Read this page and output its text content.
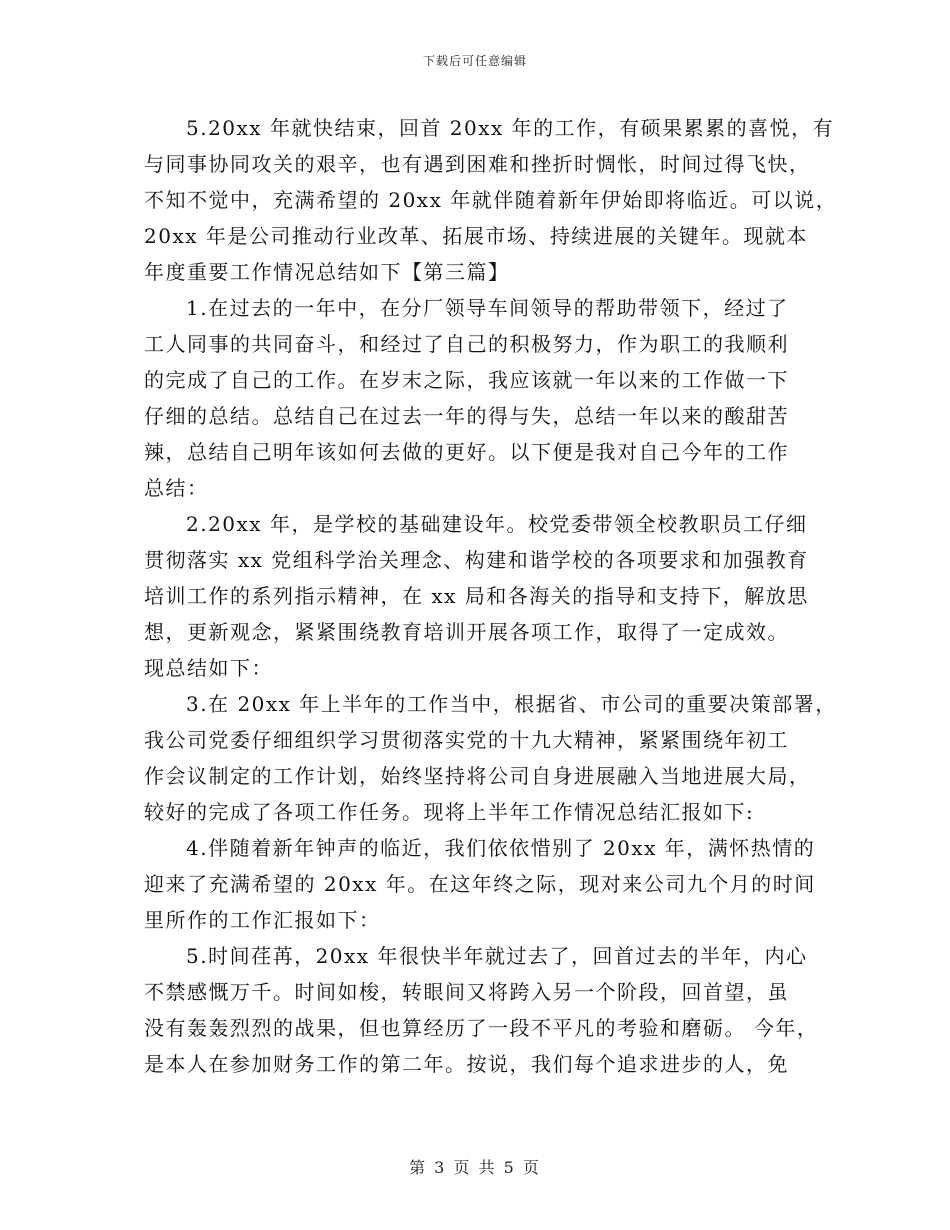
下载后可任意编辑
5.20xx 年就快结束，回首 20xx 年的工作，有硕果累累的喜悦，有
与同事协同攻关的艰辛，也有遇到困难和挫折时惆怅，时间过得飞快，
不知不觉中，充满希望的 20xx 年就伴随着新年伊始即将临近。可以说，
20xx 年是公司推动行业改革、拓展市场、持续进展的关键年。现就本
年度重要工作情况总结如下【第三篇】
1.在过去的一年中，在分厂领导车间领导的帮助带领下，经过了
工人同事的共同奋斗，和经过了自己的积极努力，作为职工的我顺利
的完成了自己的工作。在岁末之际，我应该就一年以来的工作做一下
仔细的总结。总结自己在过去一年的得与失，总结一年以来的酸甜苦
辣，总结自己明年该如何去做的更好。以下便是我对自己今年的工作
总结：
2.20xx 年，是学校的基础建设年。校党委带领全校教职员工仔细
贯彻落实 xx 党组科学治关理念、构建和谐学校的各项要求和加强教育
培训工作的系列指示精神，在 xx 局和各海关的指导和支持下，解放思
想，更新观念，紧紧围绕教育培训开展各项工作，取得了一定成效。
现总结如下：
3.在 20xx 年上半年的工作当中，根据省、市公司的重要决策部署，
我公司党委仔细组织学习贯彻落实党的十九大精神，紧紧围绕年初工
作会议制定的工作计划，始终坚持将公司自身进展融入当地进展大局，
较好的完成了各项工作任务。现将上半年工作情况总结汇报如下:
4.伴随着新年钟声的临近，我们依依惜别了 20xx 年，满怀热情的
迎来了充满希望的 20xx 年。在这年终之际，现对来公司九个月的时间
里所作的工作汇报如下：
5.时间荏苒，20xx 年很快半年就过去了，回首过去的半年，内心
不禁感慨万千。时间如梭，转眼间又将跨入另一个阶段，回首望，虽
没有轰轰烈烈的战果，但也算经历了一段不平凡的考验和磨砺。 今年，
是本人在参加财务工作的第二年。按说，我们每个追求进步的人，免
第 3 页 共 5 页
